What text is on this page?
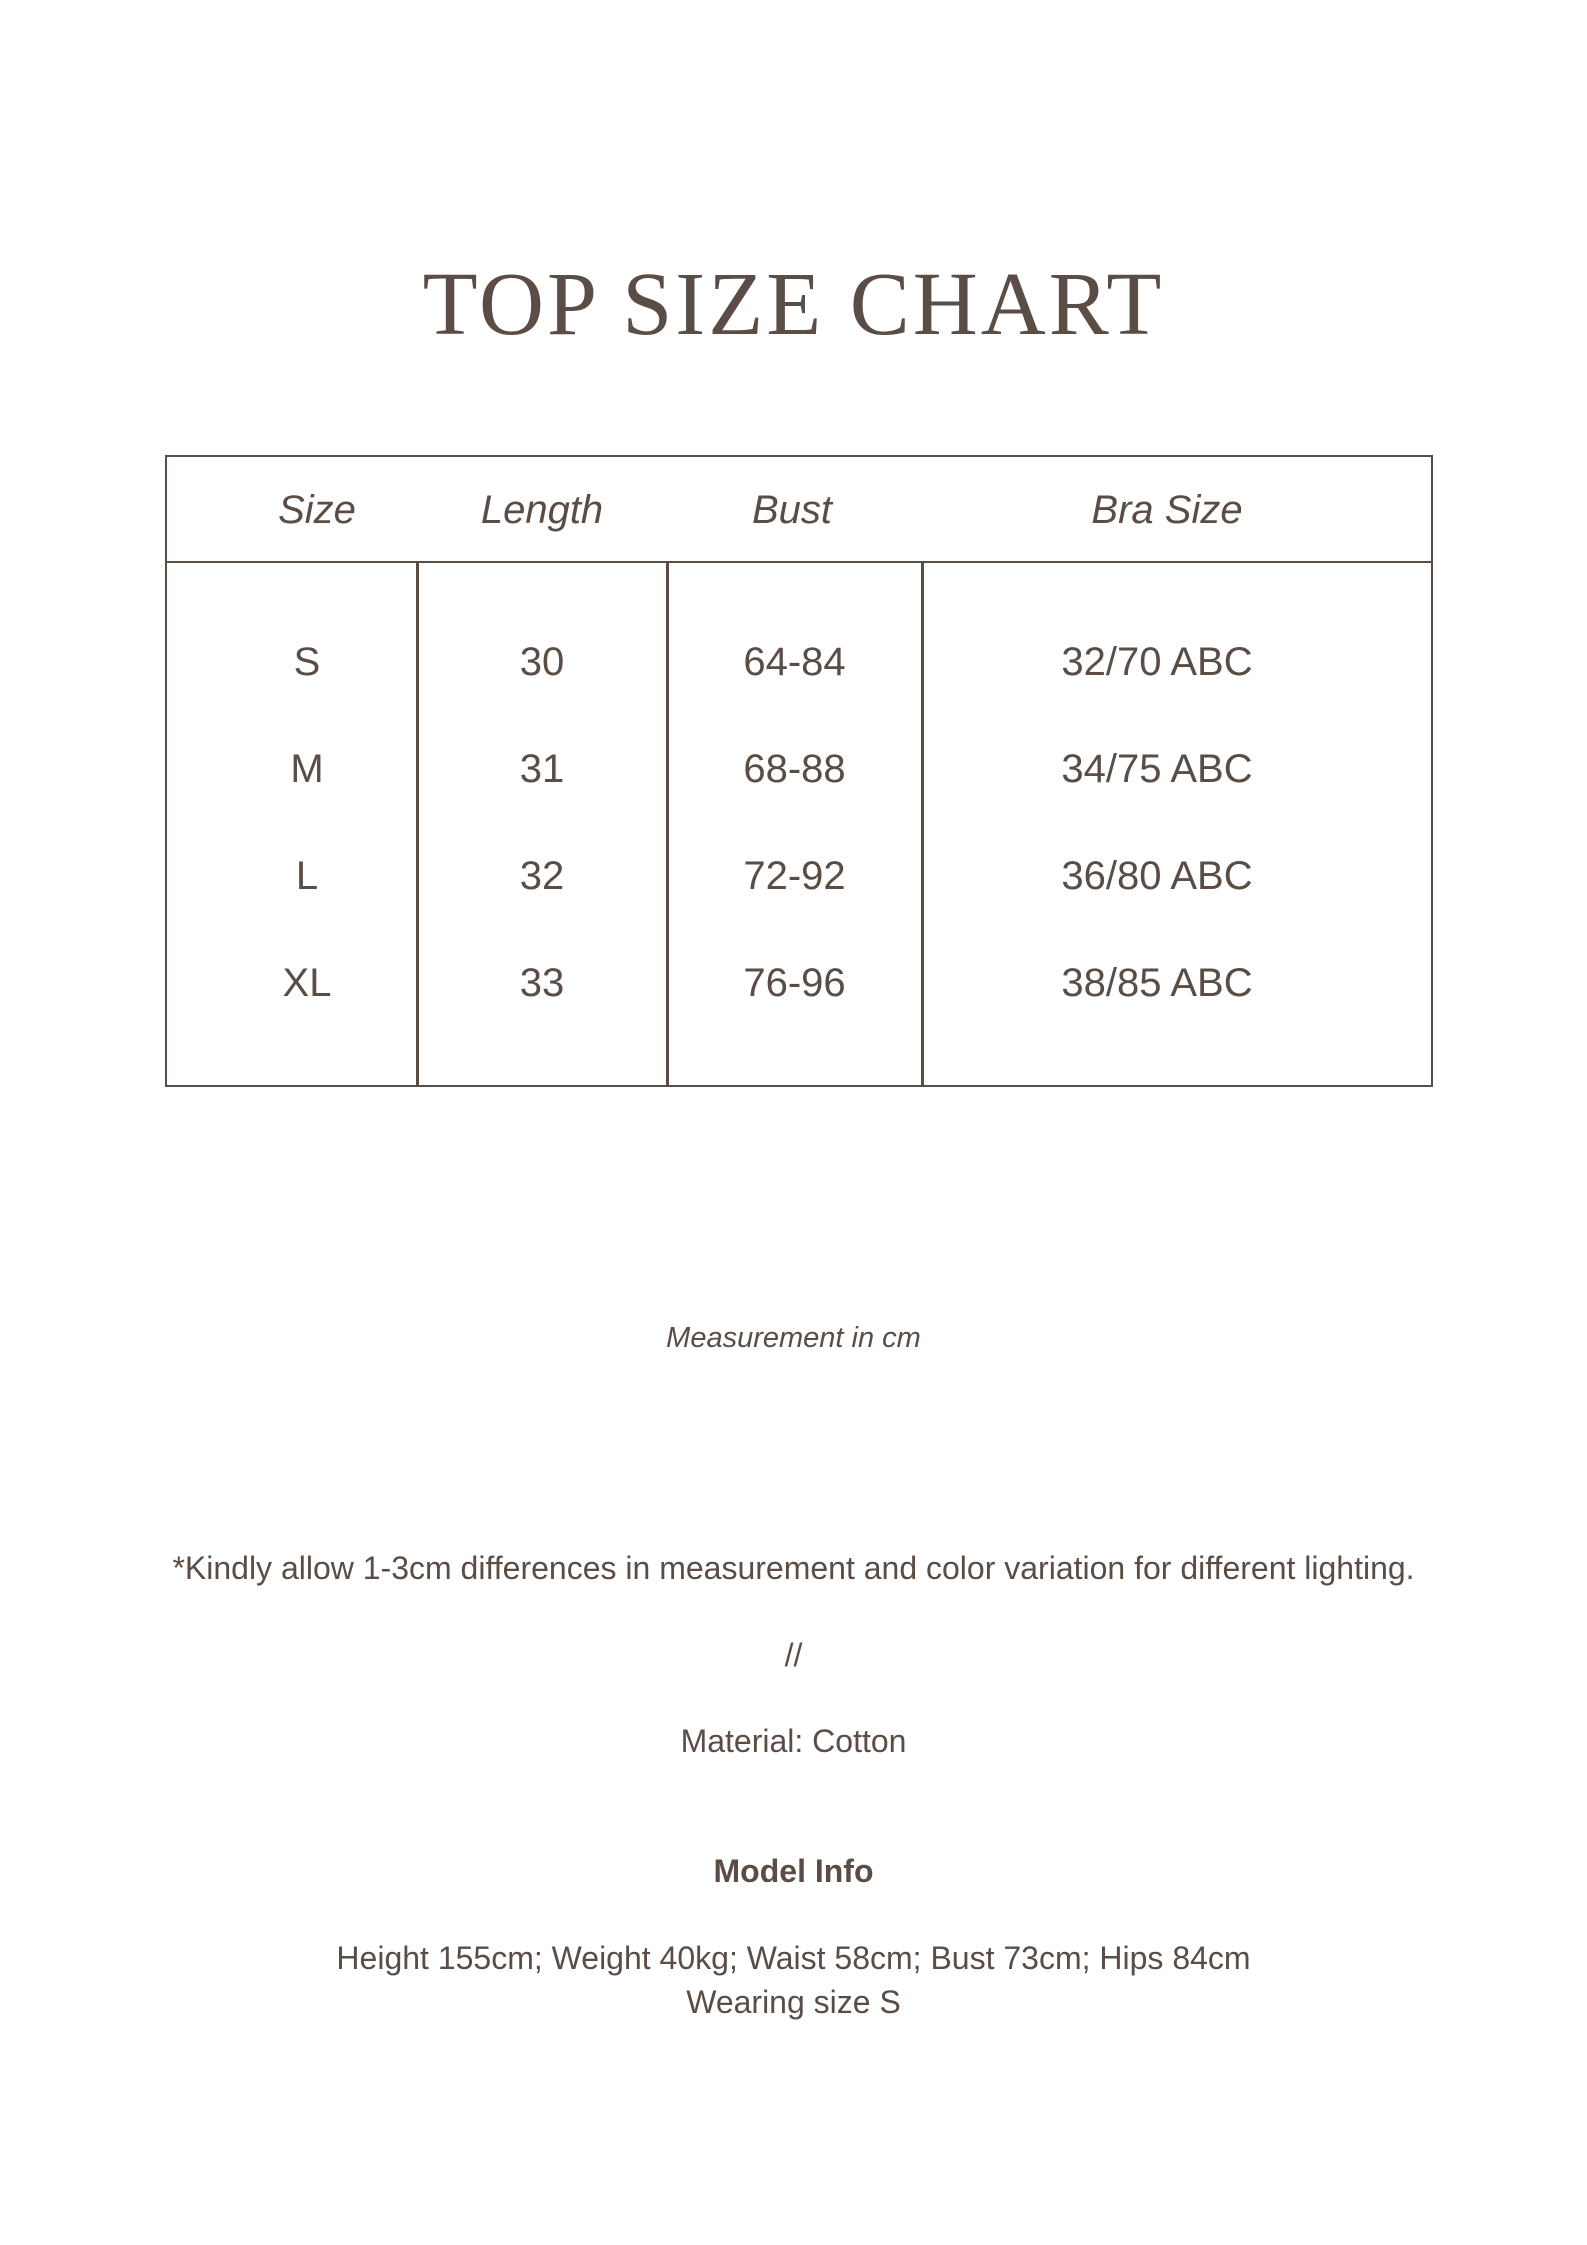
TOP SIZE CHART
Size	Length	Bust	Bra Size
S	30	64-84	32/70 ABC
M	31	68-88	34/75 ABC
L	32	72-92	36/80 ABC
XL	33	76-96	38/85 ABC
Measurement in cm
*Kindly allow 1-3cm differences in measurement and color variation for different lighting.
//
Material: Cotton
Model Info
Height 155cm; Weight 40kg; Waist 58cm; Bust 73cm; Hips 84cm
Wearing size S
